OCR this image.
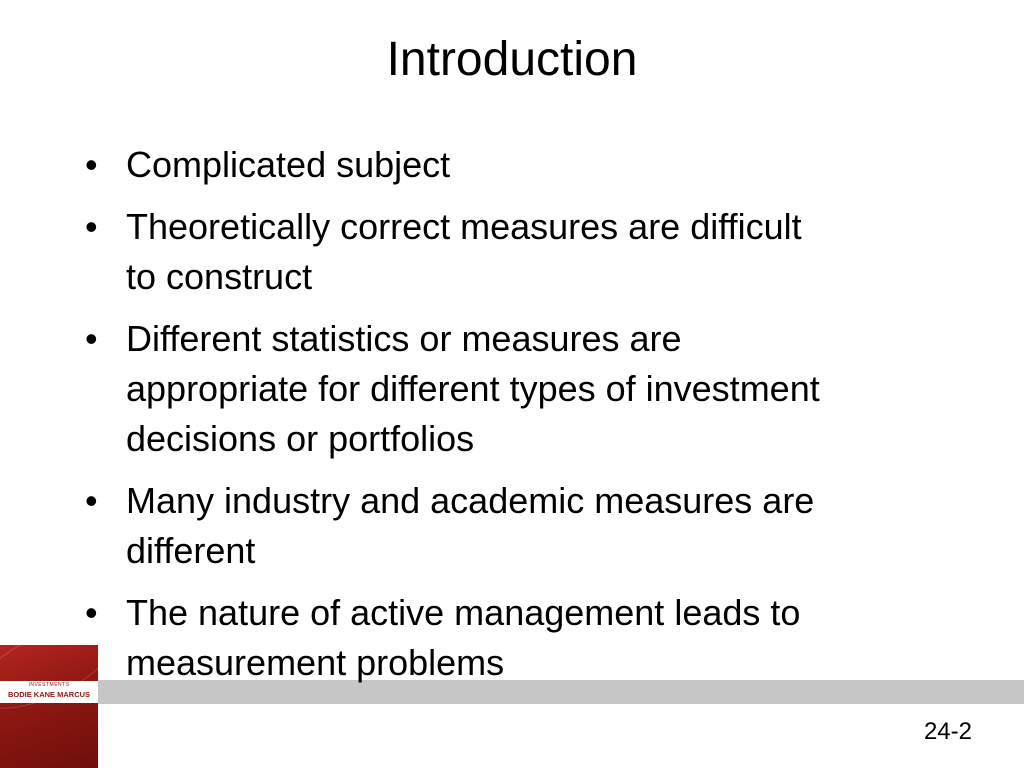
Introduction
• Complicated subject
• Theoretically correct measures are difficult to construct
• Different statistics or measures are appropriate for different types of investment decisions or portfolios
• Many industry and academic measures are different
• The nature of active management leads to measurement problems
INVESTMENTS
BODIE KANE MARCUS
24-2
